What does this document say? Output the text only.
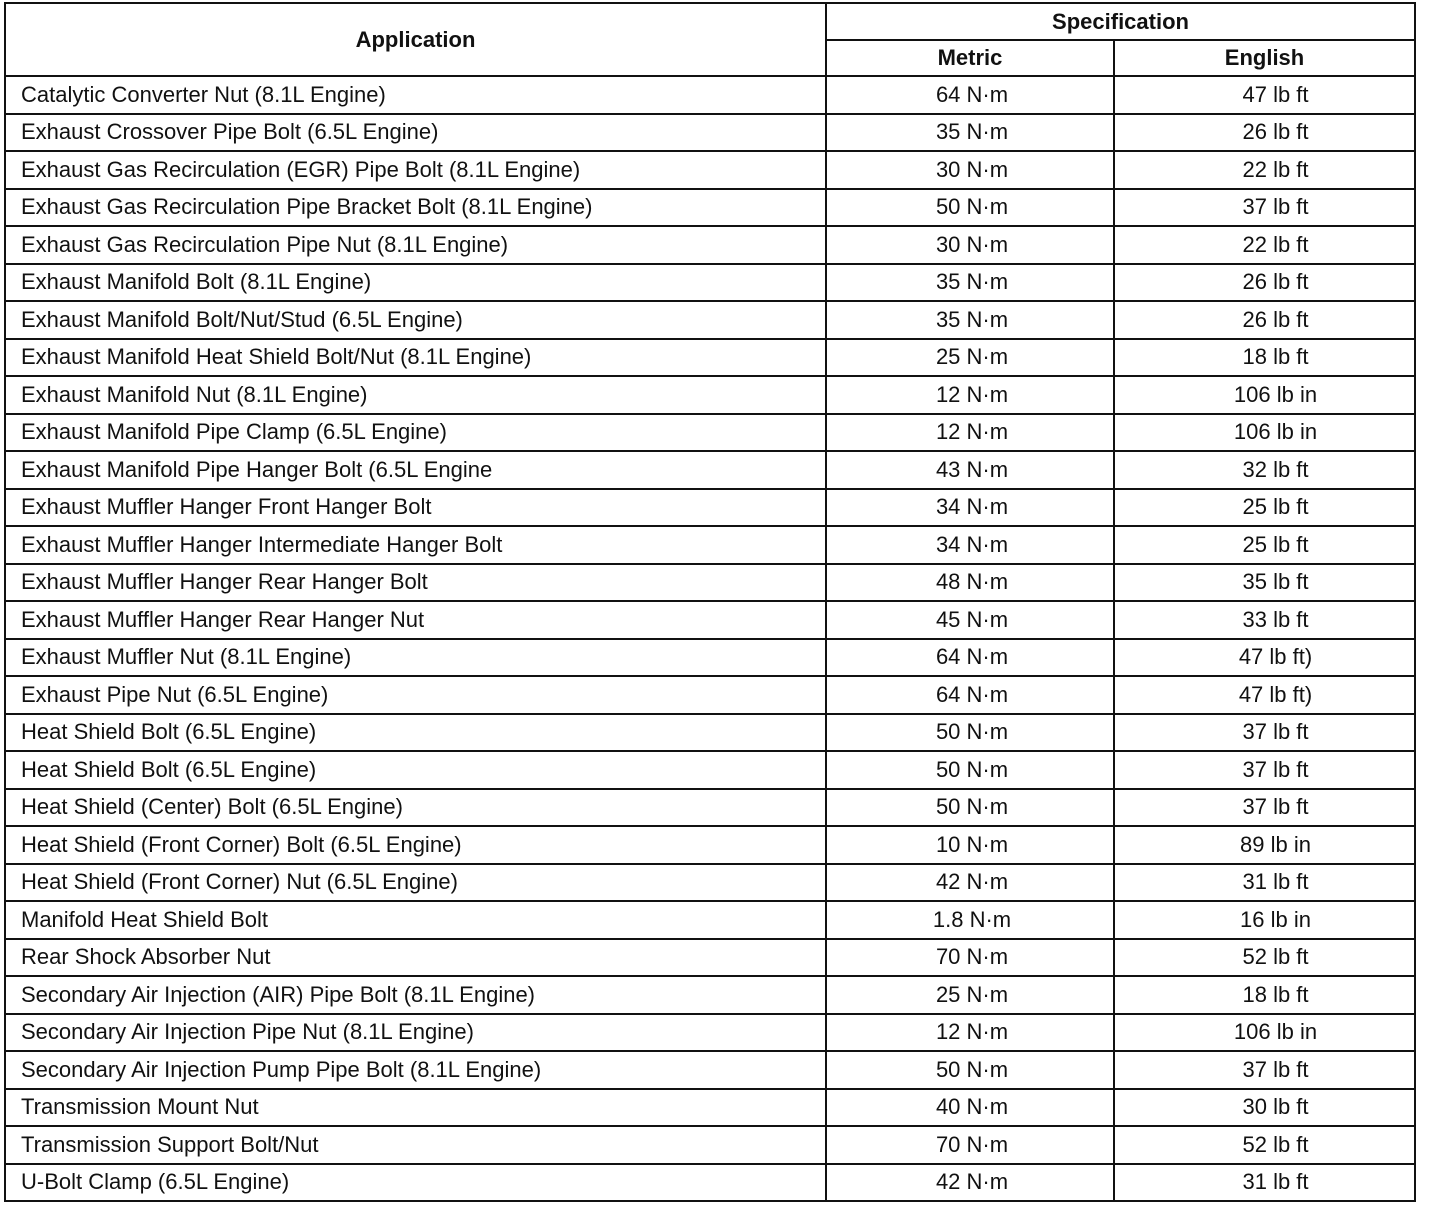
Application	Specification	
	Metric	English
Catalytic Converter Nut (8.1L Engine)	64 N·m	47 lb ft
Exhaust Crossover Pipe Bolt (6.5L Engine)	35 N·m	26 lb ft
Exhaust Gas Recirculation (EGR) Pipe Bolt (8.1L Engine)	30 N·m	22 lb ft
Exhaust Gas Recirculation Pipe Bracket Bolt (8.1L Engine)	50 N·m	37 lb ft
Exhaust Gas Recirculation Pipe Nut (8.1L Engine)	30 N·m	22 lb ft
Exhaust Manifold Bolt (8.1L Engine)	35 N·m	26 lb ft
Exhaust Manifold Bolt/Nut/Stud (6.5L Engine)	35 N·m	26 lb ft
Exhaust Manifold Heat Shield Bolt/Nut (8.1L Engine)	25 N·m	18 lb ft
Exhaust Manifold Nut (8.1L Engine)	12 N·m	106 lb in
Exhaust Manifold Pipe Clamp (6.5L Engine)	12 N·m	106 lb in
Exhaust Manifold Pipe Hanger Bolt (6.5L Engine	43 N·m	32 lb ft
Exhaust Muffler Hanger Front Hanger Bolt	34 N·m	25 lb ft
Exhaust Muffler Hanger Intermediate Hanger Bolt	34 N·m	25 lb ft
Exhaust Muffler Hanger Rear Hanger Bolt	48 N·m	35 lb ft
Exhaust Muffler Hanger Rear Hanger Nut	45 N·m	33 lb ft
Exhaust Muffler Nut (8.1L Engine)	64 N·m	47 lb ft)
Exhaust Pipe Nut (6.5L Engine)	64 N·m	47 lb ft)
Heat Shield Bolt (6.5L Engine)	50 N·m	37 lb ft
Heat Shield Bolt (6.5L Engine)	50 N·m	37 lb ft
Heat Shield (Center) Bolt (6.5L Engine)	50 N·m	37 lb ft
Heat Shield (Front Corner) Bolt (6.5L Engine)	10 N·m	89 lb in
Heat Shield (Front Corner) Nut (6.5L Engine)	42 N·m	31 lb ft
Manifold Heat Shield Bolt	1.8 N·m	16 lb in
Rear Shock Absorber Nut	70 N·m	52 lb ft
Secondary Air Injection (AIR) Pipe Bolt (8.1L Engine)	25 N·m	18 lb ft
Secondary Air Injection Pipe Nut (8.1L Engine)	12 N·m	106 lb in
Secondary Air Injection Pump Pipe Bolt (8.1L Engine)	50 N·m	37 lb ft
Transmission Mount Nut	40 N·m	30 lb ft
Transmission Support Bolt/Nut	70 N·m	52 lb ft
U-Bolt Clamp (6.5L Engine)	42 N·m	31 lb ft
